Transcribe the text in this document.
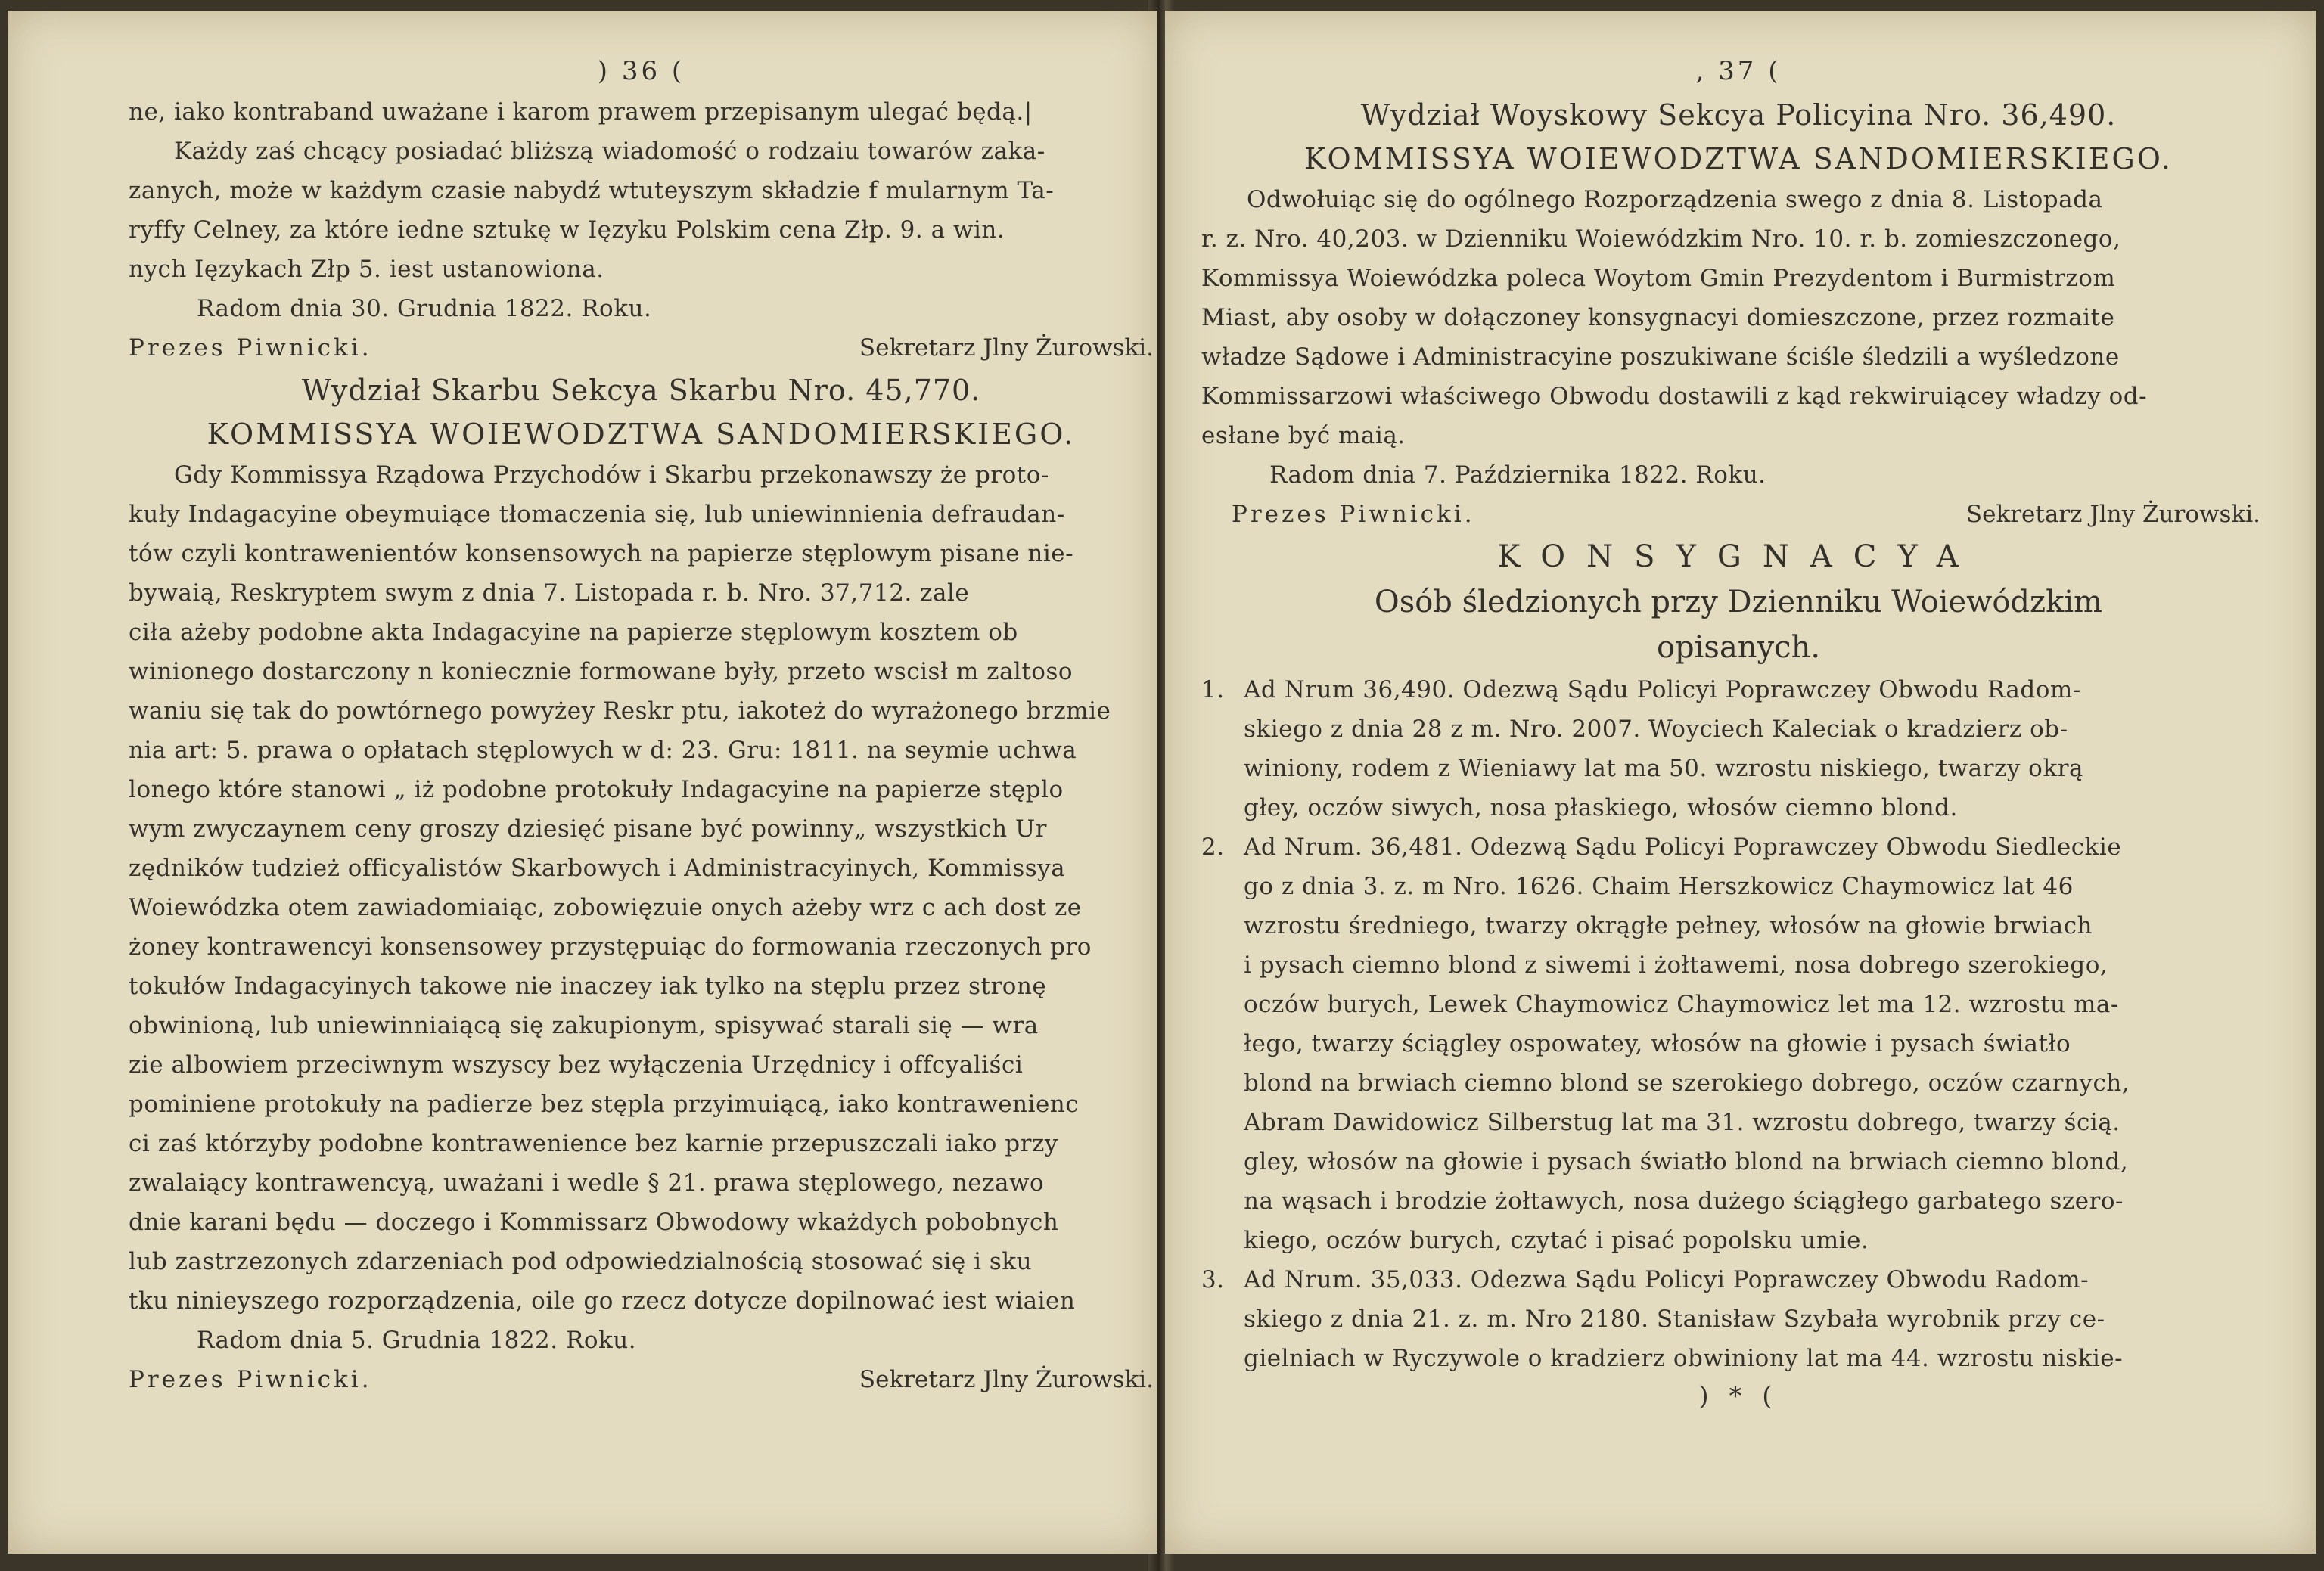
) 36 (
ne, iako kontraband uważane i karom prawem przepisanym ulegać będą.|
Każdy zaś chcący posiadać bliższą wiadomość o rodzaiu towarów zaka-
zanych, może w każdym czasie nabydź wtuteyszym składzie f mularnym Ta-
ryffy Celney, za które iedne sztukę w Ięzyku Polskim cena Złp. 9. a win.
nych Ięzykach Złp 5. iest ustanowiona.
Radom dnia 30. Grudnia 1822. Roku.
Prezes Piwnicki.	Sekretarz Jlny Żurowski.
Wydział Skarbu Sekcya Skarbu Nro. 45,770.
KOMMISSYA WOIEWODZTWA SANDOMIERSKIEGO.
Gdy Kommissya Rządowa Przychodów i Skarbu przekonawszy że proto-
kuły Indagacyine obeymuiące tłomaczenia się, lub uniewinnienia defraudan-
tów czyli kontrawenientów konsensowych na papierze stęplowym pisane nie-
bywaią, Reskryptem swym z dnia 7. Listopada r. b. Nro. 37,712. zale
ciła ażeby podobne akta Indagacyine na papierze stęplowym kosztem ob
winionego dostarczony n koniecznie formowane były, przeto wscisł m zaltoso
waniu się tak do powtórnego powyżey Reskr ptu, iakoteż do wyrażonego brzmie
nia art: 5. prawa o opłatach stęplowych w d: 23. Gru: 1811. na seymie uchwa
lonego które stanowi „ iż podobne protokuły Indagacyine na papierze stęplo
wym zwyczaynem ceny groszy dziesięć pisane być powinny„ wszystkich Ur
zędników tudzież officyalistów Skarbowych i Administracyinych, Kommissya
Woiewódzka otem zawiadomiaiąc, zobowięzuie onych ażeby wrz c ach dost ze
żoney kontrawencyi konsensowey przystępuiąc do formowania rzeczonych pro
tokułów Indagacyinych takowe nie inaczey iak tylko na stęplu przez stronę
obwinioną, lub uniewinniaiącą się zakupionym, spisywać starali się — wra
zie albowiem przeciwnym wszyscy bez wyłączenia Urzędnicy i offcyaliści
pominiene protokuły na padierze bez stępla przyimuiącą, iako kontrawenienc
ci zaś którzyby podobne kontrawenience bez karnie przepuszczali iako przy
zwalaiący kontrawencyą, uważani i wedle § 21. prawa stęplowego, nezawo
dnie karani będu — doczego i Kommissarz Obwodowy wkażdych pobobnych
lub zastrzezonych zdarzeniach pod odpowiedzialnością stosować się i sku
tku ninieyszego rozporządzenia, oile go rzecz dotycze dopilnować iest wiaien
Radom dnia 5. Grudnia 1822. Roku.
Prezes Piwnicki.	Sekretarz Jlny Żurowski.
, 37 (
Wydział Woyskowy Sekcya Policyina Nro. 36,490.
KOMMISSYA WOIEWODZTWA SANDOMIERSKIEGO.
Odwołuiąc się do ogólnego Rozporządzenia swego z dnia 8. Listopada
r. z. Nro. 40,203. w Dzienniku Woiewódzkim Nro. 10. r. b. zomieszczonego,
Kommissya Woiewódzka poleca Woytom Gmin Prezydentom i Burmistrzom
Miast, aby osoby w dołączoney konsygnacyi domieszczone, przez rozmaite
władze Sądowe i Administracyine poszukiwane ściśle śledzili a wyśledzone
Kommissarzowi właściwego Obwodu dostawili z kąd rekwiruiącey władzy od-
esłane być maią.
Radom dnia 7. Października 1822. Roku.
Prezes Piwnicki.	Sekretarz Jlny Żurowski.
KONSYGNACYA
Osób śledzionych przy Dzienniku Woiewódzkim
opisanych.
1. Ad Nrum 36,490. Odezwą Sądu Policyi Poprawczey Obwodu Radom-
skiego z dnia 28 z m. Nro. 2007. Woyciech Kaleciak o kradzierz ob-
winiony, rodem z Wieniawy lat ma 50. wzrostu niskiego, twarzy okrą
głey, oczów siwych, nosa płaskiego, włosów ciemno blond.
2. Ad Nrum. 36,481. Odezwą Sądu Policyi Poprawczey Obwodu Siedleckie
go z dnia 3. z. m Nro. 1626. Chaim Herszkowicz Chaymowicz lat 46
wzrostu średniego, twarzy okrągłe pełney, włosów na głowie brwiach
i pysach ciemno blond z siwemi i żołtawemi, nosa dobrego szerokiego,
oczów burych, Lewek Chaymowicz Chaymowicz let ma 12. wzrostu ma-
łego, twarzy ściągley ospowatey, włosów na głowie i pysach światło
blond na brwiach ciemno blond se szerokiego dobrego, oczów czarnych,
Abram Dawidowicz Silberstug lat ma 31. wzrostu dobrego, twarzy ścią.
gley, włosów na głowie i pysach światło blond na brwiach ciemno blond,
na wąsach i brodzie żołtawych, nosa dużego ściągłego garbatego szero-
kiego, oczów burych, czytać i pisać popolsku umie.
3. Ad Nrum. 35,033. Odezwa Sądu Policyi Poprawczey Obwodu Radom-
skiego z dnia 21. z. m. Nro 2180. Stanisław Szybała wyrobnik przy ce-
gielniach w Ryczywole o kradzierz obwiniony lat ma 44. wzrostu niskie-
) * (
